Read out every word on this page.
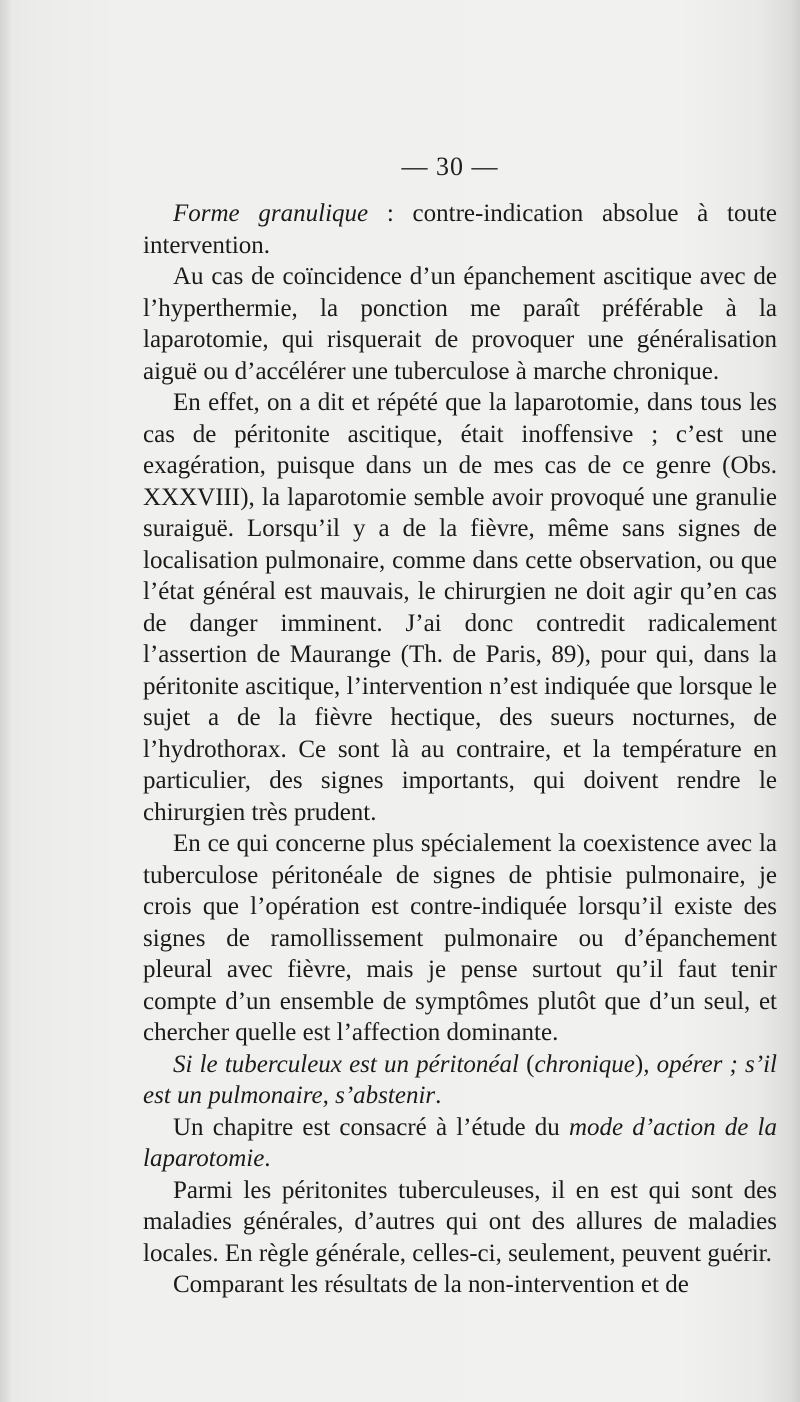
— 30 —

Forme granulique : contre-indication absolue à toute intervention.

Au cas de coïncidence d’un épanchement ascitique avec de l’hyperthermie, la ponction me paraît préférable à la laparotomie, qui risquerait de provoquer une généralisation aiguë ou d’accélérer une tuberculose à marche chronique.

En effet, on a dit et répété que la laparotomie, dans tous les cas de péritonite ascitique, était inoffensive ; c’est une exagération, puisque dans un de mes cas de ce genre (Obs. XXXVIII), la laparotomie semble avoir provoqué une granulie suraiguë. Lorsqu’il y a de la fièvre, même sans signes de localisation pulmonaire, comme dans cette observation, ou que l’état général est mauvais, le chirurgien ne doit agir qu’en cas de danger imminent. J’ai donc contredit radicalement l’assertion de Maurange (Th. de Paris, 89), pour qui, dans la péritonite ascitique, l’intervention n’est indiquée que lorsque le sujet a de la fièvre hectique, des sueurs nocturnes, de l’hydrothorax. Ce sont là au contraire, et la température en particulier, des signes importants, qui doivent rendre le chirurgien très prudent.

En ce qui concerne plus spécialement la coexistence avec la tuberculose péritonéale de signes de phtisie pulmonaire, je crois que l’opération est contre-indiquée lorsqu’il existe des signes de ramollissement pulmonaire ou d’épanchement pleural avec fièvre, mais je pense surtout qu’il faut tenir compte d’un ensemble de symptômes plutôt que d’un seul, et chercher quelle est l’affection dominante.

Si le tuberculeux est un péritonéal (chronique), opérer ; s’il est un pulmonaire, s’abstenir.

Un chapitre est consacré à l’étude du mode d’action de la laparotomie.

Parmi les péritonites tuberculeuses, il en est qui sont des maladies générales, d’autres qui ont des allures de maladies locales. En règle générale, celles-ci, seulement, peuvent guérir.

Comparant les résultats de la non-intervention et de
